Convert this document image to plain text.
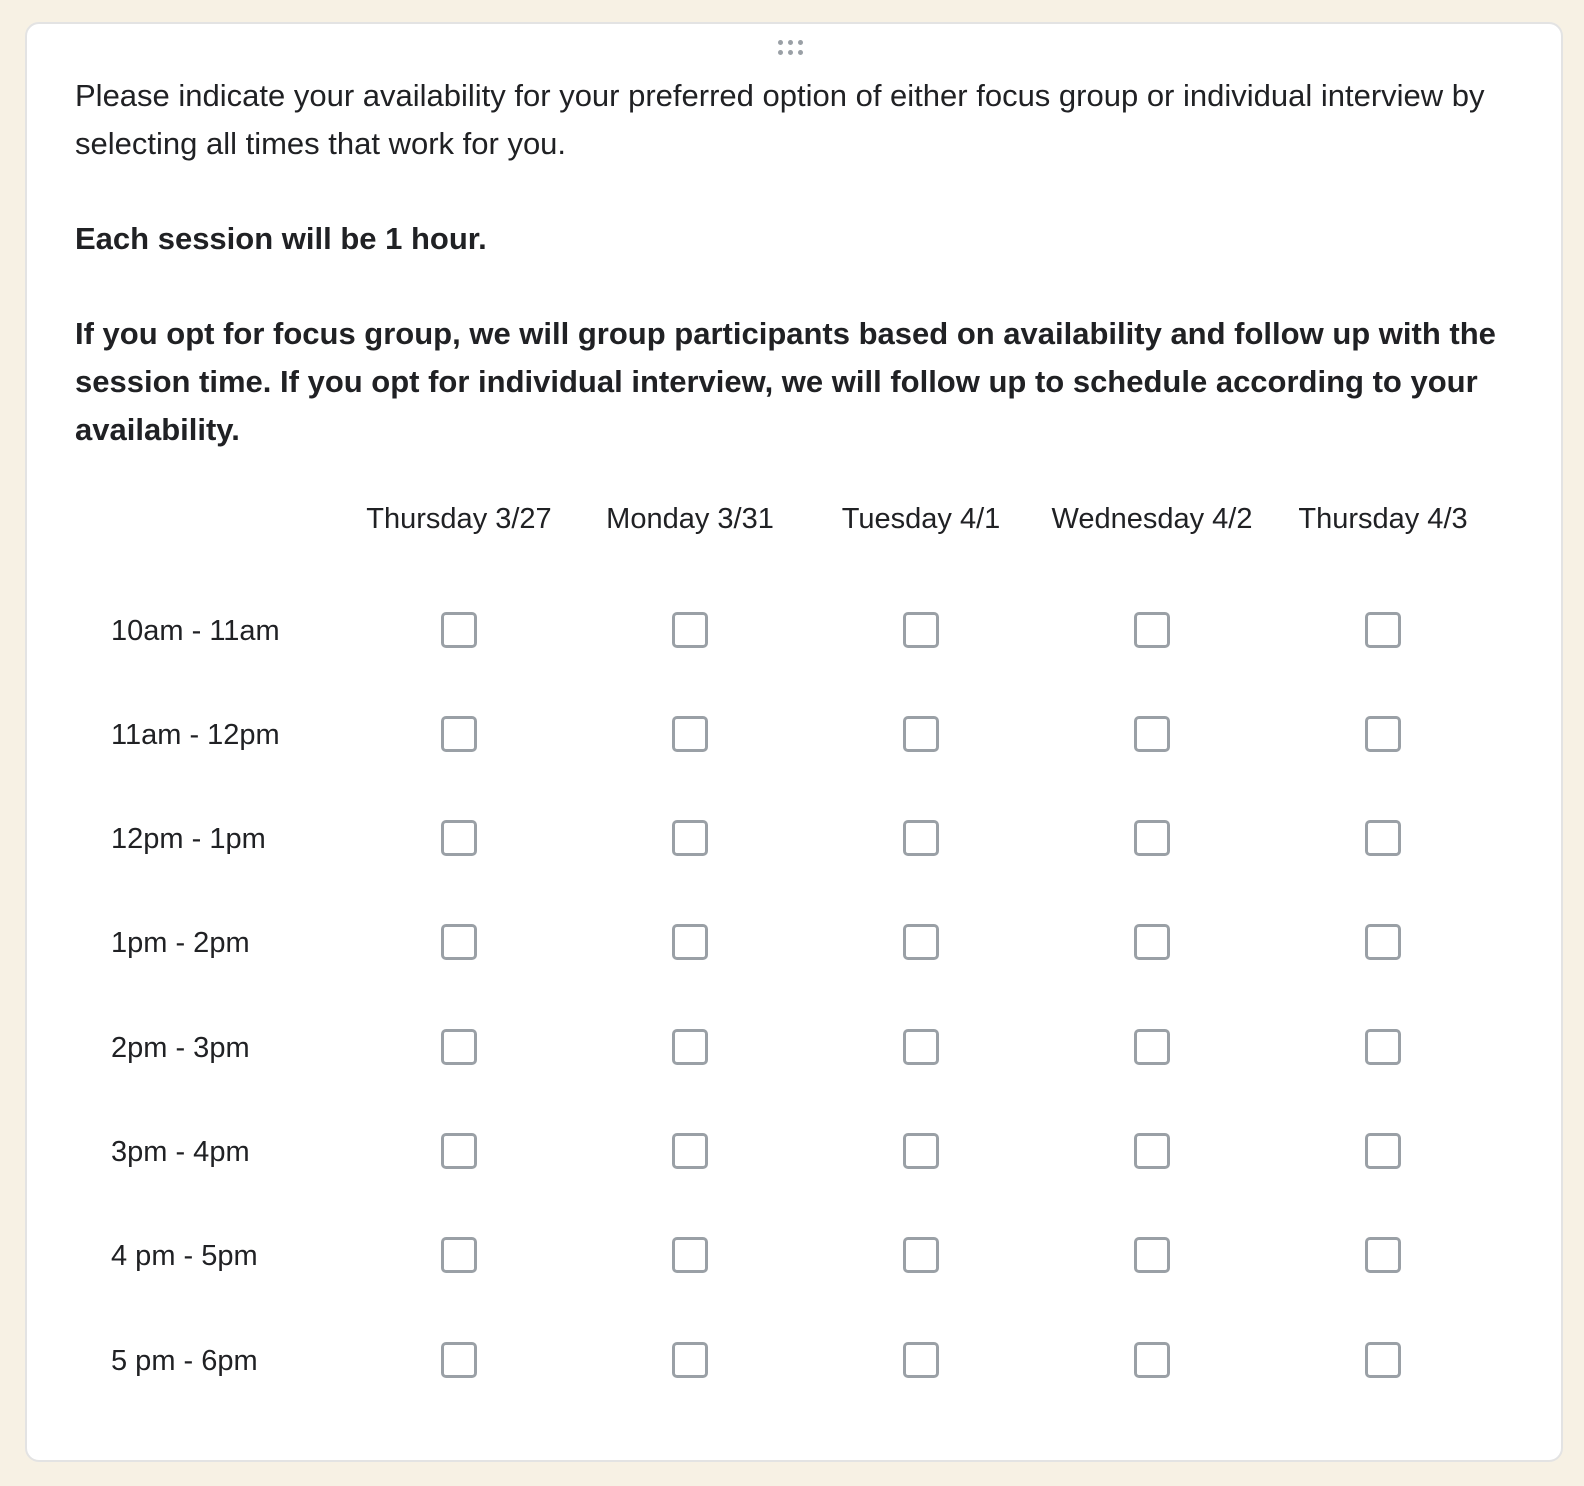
Please indicate your availability for your preferred option of either focus group or individual interview by selecting all times that work for you.

Each session will be 1 hour.

If you opt for focus group, we will group participants based on availability and follow up with the session time. If you opt for individual interview, we will follow up to schedule according to your availability.

Thursday 3/27 Monday 3/31 Tuesday 4/1 Wednesday 4/2 Thursday 4/3
10am - 11am
11am - 12pm
12pm - 1pm
1pm - 2pm
2pm - 3pm
3pm - 4pm
4 pm - 5pm
5 pm - 6pm
